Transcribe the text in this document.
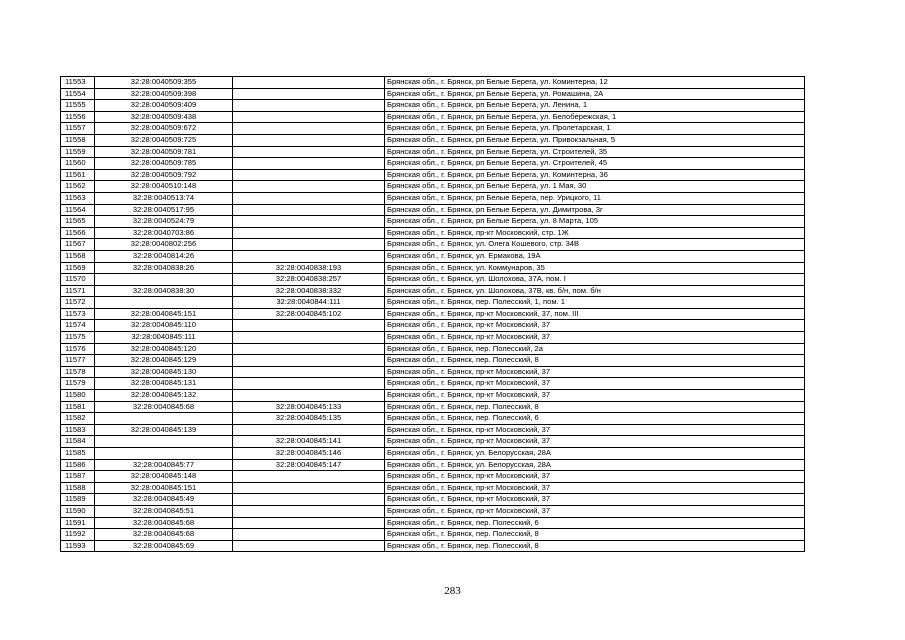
11553	32:28:0040509:355		Брянская обл., г. Брянск, рп Белые Берега, ул. Коминтерна, 12
11554	32:28:0040509:398		Брянская обл., г. Брянск, рп Белые Берега, ул. Ромашина, 2А
11555	32:28:0040509:409		Брянская обл., г. Брянск, рп Белые Берега, ул. Ленина, 1
11556	32:28:0040509:438		Брянская обл., г. Брянск, рп Белые Берега, ул. Белобережская, 1
11557	32:28:0040509:672		Брянская обл., г. Брянск, рп Белые Берега, ул. Пролетарская, 1
11558	32:28:0040509:725		Брянская обл., г. Брянск, рп Белые Берега, ул. Привокзальная, 5
11559	32:28:0040509:781		Брянская обл., г. Брянск, рп Белые Берега, ул. Строителей, 35
11560	32:28:0040509:785		Брянская обл., г. Брянск, рп Белые Берега, ул. Строителей, 45
11561	32:28:0040509:792		Брянская обл., г. Брянск, рп Белые Берега, ул. Коминтерна, 36
11562	32:28:0040510:148		Брянская обл., г. Брянск, рп Белые Берега, ул. 1 Мая, 30
11563	32:28:0040513:74		Брянская обл., г. Брянск, рп Белые Берега, пер. Урицкого, 11
11564	32:28:0040517:95		Брянская обл., г. Брянск, рп Белые Берега, ул. Димитрова, 3г
11565	32:28:0040524:79		Брянская обл., г. Брянск, рп Белые Берега, ул. 8 Марта, 105
11566	32:28:0040703:86		Брянская обл., г. Брянск, пр-кт Московский, стр. 1Ж
11567	32:28:0040802:256		Брянская обл., г. Брянск, ул. Олега Кошевого, стр. 34В
11568	32:28:0040814:26		Брянская обл., г. Брянск, ул. Ермакова, 19А
11569	32:28:0040838:26	32:28:0040838:193	Брянская обл., г. Брянск, ул. Коммунаров, 35
11570		32:28:0040838:257	Брянская обл., г. Брянск, ул. Шолохова, 37А, пом. I
11571	32:28:0040838:30	32:28:0040838:332	Брянская обл., г. Брянск, ул. Шолохова, 37В, кв. б/н, пом. б/н
11572		32:28:0040844:111	Брянская обл., г. Брянск, пер. Полесский, 1, пом. 1
11573	32:28:0040845:151	32:28:0040845:102	Брянская обл., г. Брянск, пр-кт Московский, 37, пом. III
11574	32:28:0040845:110		Брянская обл., г. Брянск, пр-кт Московский, 37
11575	32:28:0040845:111		Брянская обл., г. Брянск, пр-кт Московский, 37
11576	32:28:0040845:120		Брянская обл., г. Брянск, пер. Полесский, 2а
11577	32:28:0040845:129		Брянская обл., г. Брянск, пер. Полесский, 8
11578	32:28:0040845:130		Брянская обл., г. Брянск, пр-кт Московский, 37
11579	32:28:0040845:131		Брянская обл., г. Брянск, пр-кт Московский, 37
11580	32:28:0040845:132		Брянская обл., г. Брянск, пр-кт Московский, 37
11581	32:28:0040845:68	32:28:0040845:133	Брянская обл., г. Брянск, пер. Полесский, 8
11582		32:28:0040845:135	Брянская обл., г. Брянск, пер. Полесский, 6
11583	32:28:0040845:139		Брянская обл., г. Брянск, пр-кт Московский, 37
11584		32:28:0040845:141	Брянская обл., г. Брянск, пр-кт Московский, 37
11585		32:28:0040845:146	Брянская обл., г. Брянск, ул. Белорусская, 28А
11586	32:28:0040845:77	32:28:0040845:147	Брянская обл., г. Брянск, ул. Белорусская, 28А
11587	32:28:0040845:148		Брянская обл., г. Брянск, пр-кт Московский, 37
11588	32:28:0040845:151		Брянская обл., г. Брянск, пр-кт Московский, 37
11589	32:28:0040845:49		Брянская обл., г. Брянск, пр-кт Московский, 37
11590	32:28:0040845:51		Брянская обл., г. Брянск, пр-кт Московский, 37
11591	32:28:0040845:68		Брянская обл., г. Брянск, пер. Полесский, 6
11592	32:28:0040845:68		Брянская обл., г. Брянск, пер. Полесский, 8
11593	32:28:0040845:69		Брянская обл., г. Брянск, пер. Полесский, 8
283
